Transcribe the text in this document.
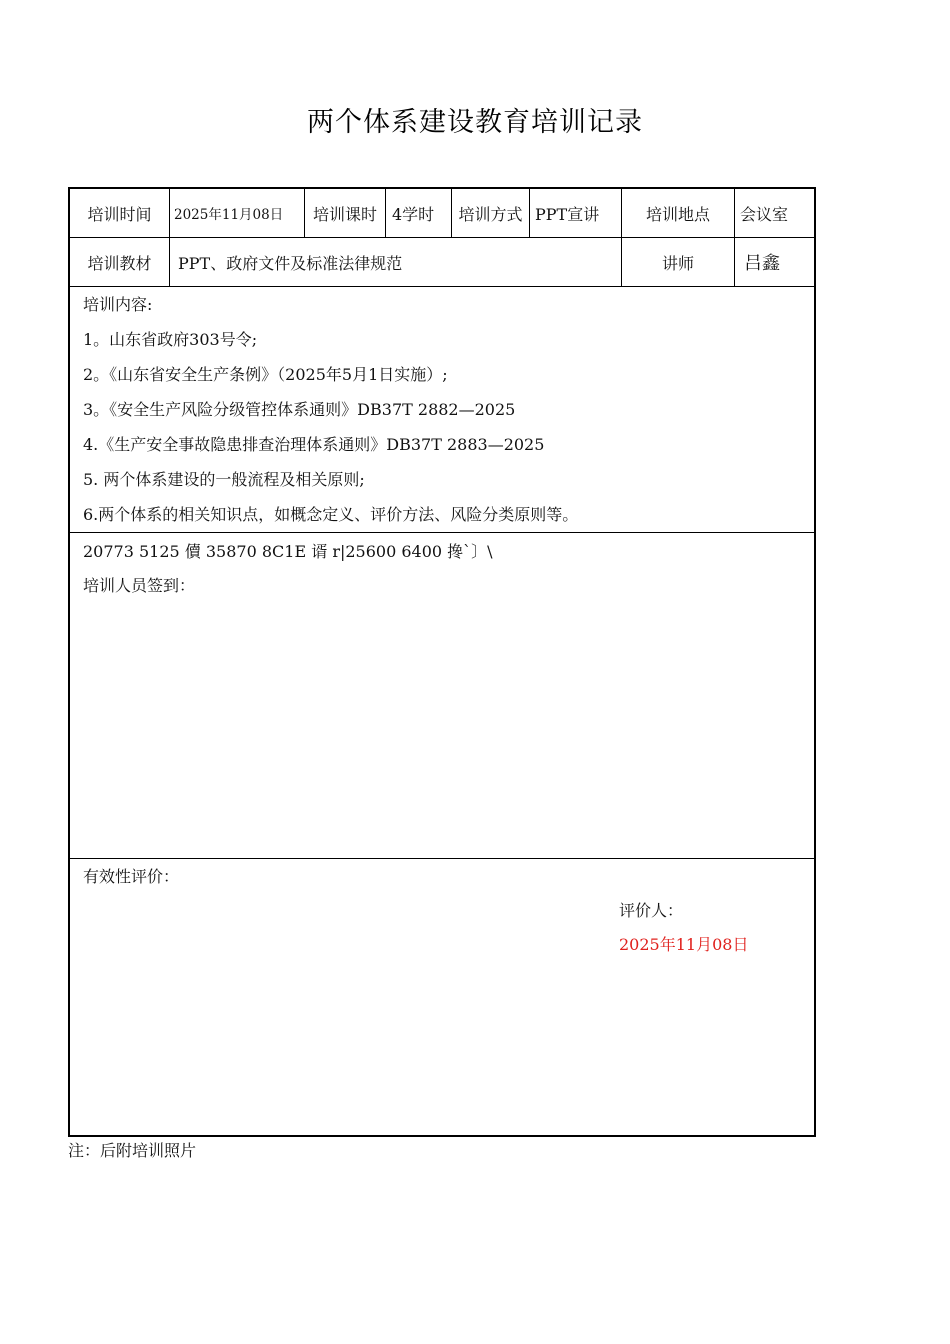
两个体系建设教育培训记录
培训时间	2025年11月08日	培训课时 4学时	培训方式 PPT宣讲	培训地点	会议室
培训教材	PPT、政府文件及标准法律规范	讲师	吕鑫
培训内容:
1。山东省政府303号令;
2。《山东省安全生产条例》（2025年5月1日实施）;
3。《安全生产风险分级管控体系通则》DB37T 2882—2025
4.《生产安全事故隐患排查治理体系通则》DB37T 2883—2025
5. 两个体系建设的一般流程及相关原则;
6.两个体系的相关知识点，如概念定义、评价方法、风险分类原则等。
20773 5125 儥 35870 8C1E 谞 r|25600 6400 搀`〕\
培训人员签到：
有效性评价：
评价人：
2025年11月08日
注：后附培训照片
